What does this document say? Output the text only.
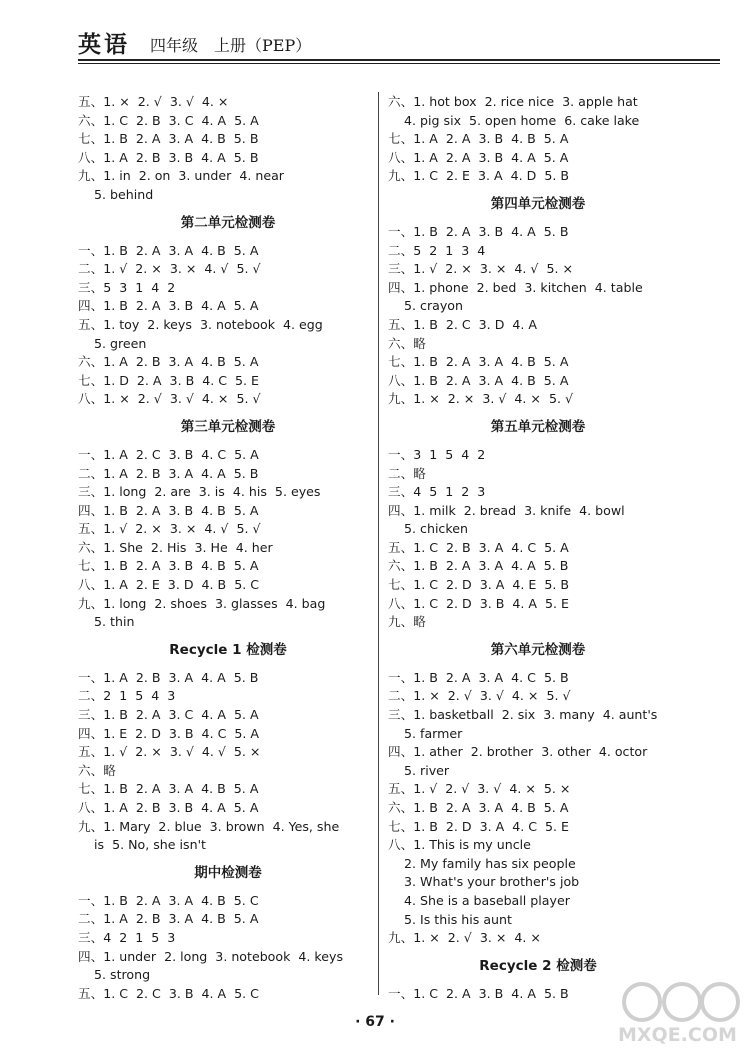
英语 四年级 上册（PEP）
五、1. ×  2. √  3. √  4. ×
六、1. C  2. B  3. C  4. A  5. A
七、1. B  2. A  3. A  4. B  5. B
八、1. A  2. B  3. B  4. A  5. B
九、1. in  2. on  3. under  4. near
5. behind
第二单元检测卷
一、1. B  2. A  3. A  4. B  5. A
二、1. √  2. ×  3. ×  4. √  5. √
三、5  3  1  4  2
四、1. B  2. A  3. B  4. A  5. A
五、1. toy  2. keys  3. notebook  4. egg
5. green
六、1. A  2. B  3. A  4. B  5. A
七、1. D  2. A  3. B  4. C  5. E
八、1. ×  2. √  3. √  4. ×  5. √
第三单元检测卷
一、1. A  2. C  3. B  4. C  5. A
二、1. A  2. B  3. A  4. A  5. B
三、1. long  2. are  3. is  4. his  5. eyes
四、1. B  2. A  3. B  4. B  5. A
五、1. √  2. ×  3. ×  4. √  5. √
六、1. She  2. His  3. He  4. her
七、1. B  2. A  3. B  4. B  5. A
八、1. A  2. E  3. D  4. B  5. C
九、1. long  2. shoes  3. glasses  4. bag
5. thin
Recycle 1 检测卷
一、1. A  2. B  3. A  4. A  5. B
二、2  1  5  4  3
三、1. B  2. A  3. C  4. A  5. A
四、1. E  2. D  3. B  4. C  5. A
五、1. √  2. ×  3. √  4. √  5. ×
六、略
七、1. B  2. A  3. A  4. B  5. A
八、1. A  2. B  3. B  4. A  5. A
九、1. Mary  2. blue  3. brown  4. Yes, she
is  5. No, she isn't
期中检测卷
一、1. B  2. A  3. A  4. B  5. C
二、1. A  2. B  3. A  4. B  5. A
三、4  2  1  5  3
四、1. under  2. long  3. notebook  4. keys
5. strong
五、1. C  2. C  3. B  4. A  5. C
六、1. hot box  2. rice nice  3. apple hat
4. pig six  5. open home  6. cake lake
七、1. A  2. A  3. B  4. B  5. A
八、1. A  2. A  3. B  4. A  5. A
九、1. C  2. E  3. A  4. D  5. B
第四单元检测卷
一、1. B  2. A  3. B  4. A  5. B
二、5  2  1  3  4
三、1. √  2. ×  3. ×  4. √  5. ×
四、1. phone  2. bed  3. kitchen  4. table
5. crayon
五、1. B  2. C  3. D  4. A
六、略
七、1. B  2. A  3. A  4. B  5. A
八、1. B  2. A  3. A  4. B  5. A
九、1. ×  2. ×  3. √  4. ×  5. √
第五单元检测卷
一、3  1  5  4  2
二、略
三、4  5  1  2  3
四、1. milk  2. bread  3. knife  4. bowl
5. chicken
五、1. C  2. B  3. A  4. C  5. A
六、1. B  2. A  3. A  4. A  5. B
七、1. C  2. D  3. A  4. E  5. B
八、1. C  2. D  3. B  4. A  5. E
九、略
第六单元检测卷
一、1. B  2. A  3. A  4. C  5. B
二、1. ×  2. √  3. √  4. ×  5. √
三、1. basketball  2. six  3. many  4. aunt's
5. farmer
四、1. ather  2. brother  3. other  4. octor
5. river
五、1. √  2. √  3. √  4. ×  5. ×
六、1. B  2. A  3. A  4. B  5. A
七、1. B  2. D  3. A  4. C  5. E
八、1. This is my uncle
2. My family has six people
3. What's your brother's job
4. She is a baseball player
5. Is this his aunt
九、1. ×  2. √  3. ×  4. ×
Recycle 2 检测卷
一、1. C  2. A  3. B  4. A  5. B
· 67 ·
MXQE.COM
